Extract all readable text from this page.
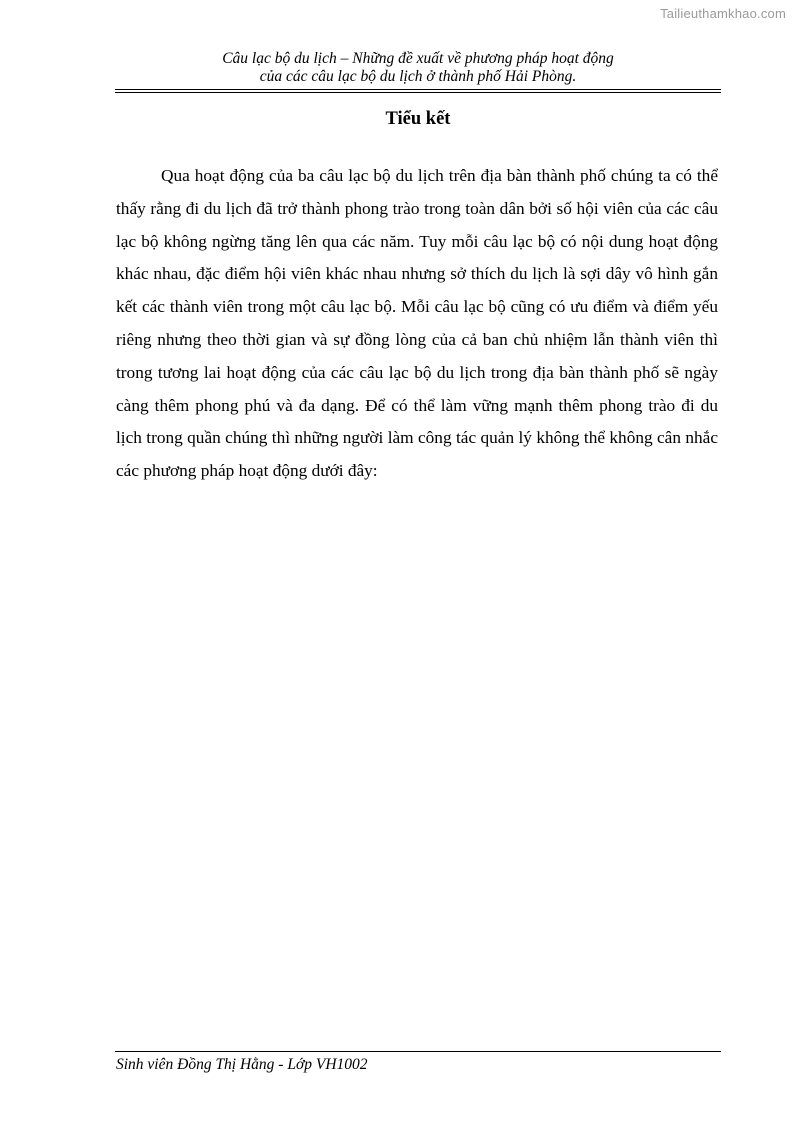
Tailieuthamkhao.com
Câu lạc bộ du lịch – Những đề xuất về phương pháp hoạt động
của các câu lạc bộ du lịch ở thành phố Hải Phòng.
Tiểu kết

Qua hoạt động của ba câu lạc bộ du lịch trên địa bàn thành phố chúng ta có thể thấy rằng đi du lịch đã trở thành phong trào trong toàn dân bởi số hội viên của các câu lạc bộ không ngừng tăng lên qua các năm. Tuy mỗi câu lạc bộ có nội dung hoạt động khác nhau, đặc điểm hội viên khác nhau nhưng sở thích du lịch là sợi dây vô hình gắn kết các thành viên trong một câu lạc bộ. Mỗi câu lạc bộ cũng có ưu điểm và điểm yếu riêng nhưng theo thời gian và sự đồng lòng của cả ban chủ nhiệm lẫn thành viên thì trong tương lai hoạt động của các câu lạc bộ du lịch trong địa bàn thành phố sẽ ngày càng thêm phong phú và đa dạng. Để có thể làm vững mạnh thêm phong trào đi du lịch trong quần chúng thì những người làm công tác quản lý không thể không cân nhắc các phương pháp hoạt động dưới đây:

Sinh viên Đồng Thị Hằng - Lớp VH1002
